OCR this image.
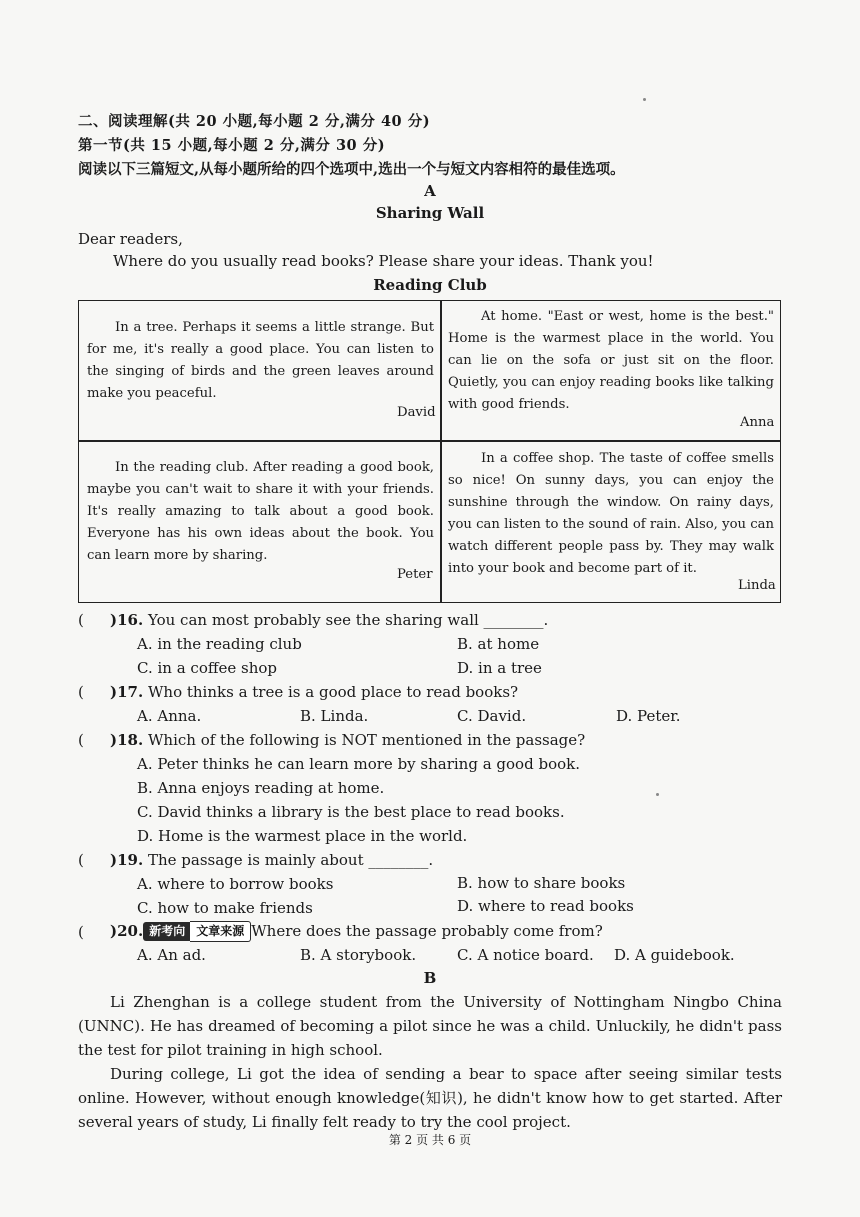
二、阅读理解(共 20 小题,每小题 2 分,满分 40 分)
第一节(共 15 小题,每小题 2 分,满分 30 分)
阅读以下三篇短文,从每小题所给的四个选项中,选出一个与短文内容相符的最佳选项。
A
Sharing Wall
Dear readers,
Where do you usually read books? Please share your ideas. Thank you!
Reading Club

In a tree. Perhaps it seems a little strange. But for me, it's really a good place. You can listen to the singing of birds and the green leaves around make you peaceful.

David

At home. "East or west, home is the best." Home is the warmest place in the world. You can lie on the sofa or just sit on the floor. Quietly, you can enjoy reading books like talking with good friends.

Anna

In the reading club. After reading a good book, maybe you can't wait to share it with your friends. It's really amazing to talk about a good book. Everyone has his own ideas about the book. You can learn more by sharing.

Peter

In a coffee shop. The taste of coffee smells so nice! On sunny days, you can enjoy the sunshine through the window. On rainy days, you can listen to the sound of rain. Also, you can watch different people pass by. They may walk into your book and become part of it.

Linda
( )16. You can most probably see the sharing wall ________.
A. in the reading club	B. at home
C. in a coffee shop	D. in a tree
( )17. Who thinks a tree is a good place to read books?
A. Anna.	B. Linda.	C. David.	D. Peter.
( )18. Which of the following is NOT mentioned in the passage?
A. Peter thinks he can learn more by sharing a good book.
B. Anna enjoys reading at home.
C. David thinks a library is the best place to read books.
D. Home is the warmest place in the world.
( )19. The passage is mainly about ________.
A. where to borrow books	B. how to share books
C. how to make friends	D. where to read books
( )20. 新考向 文章来源 Where does the passage probably come from?
A. An ad.	B. A storybook.	C. A notice board. D. A guidebook.
B

Li Zhenghan is a college student from the University of Nottingham Ningbo China (UNNC). He has dreamed of becoming a pilot since he was a child. Unluckily, he didn't pass the test for pilot training in high school.

During college, Li got the idea of sending a bear to space after seeing similar tests online. However, without enough knowledge(知识), he didn't know how to get started. After several years of study, Li finally felt ready to try the cool project.

第 2 页 共 6 页
